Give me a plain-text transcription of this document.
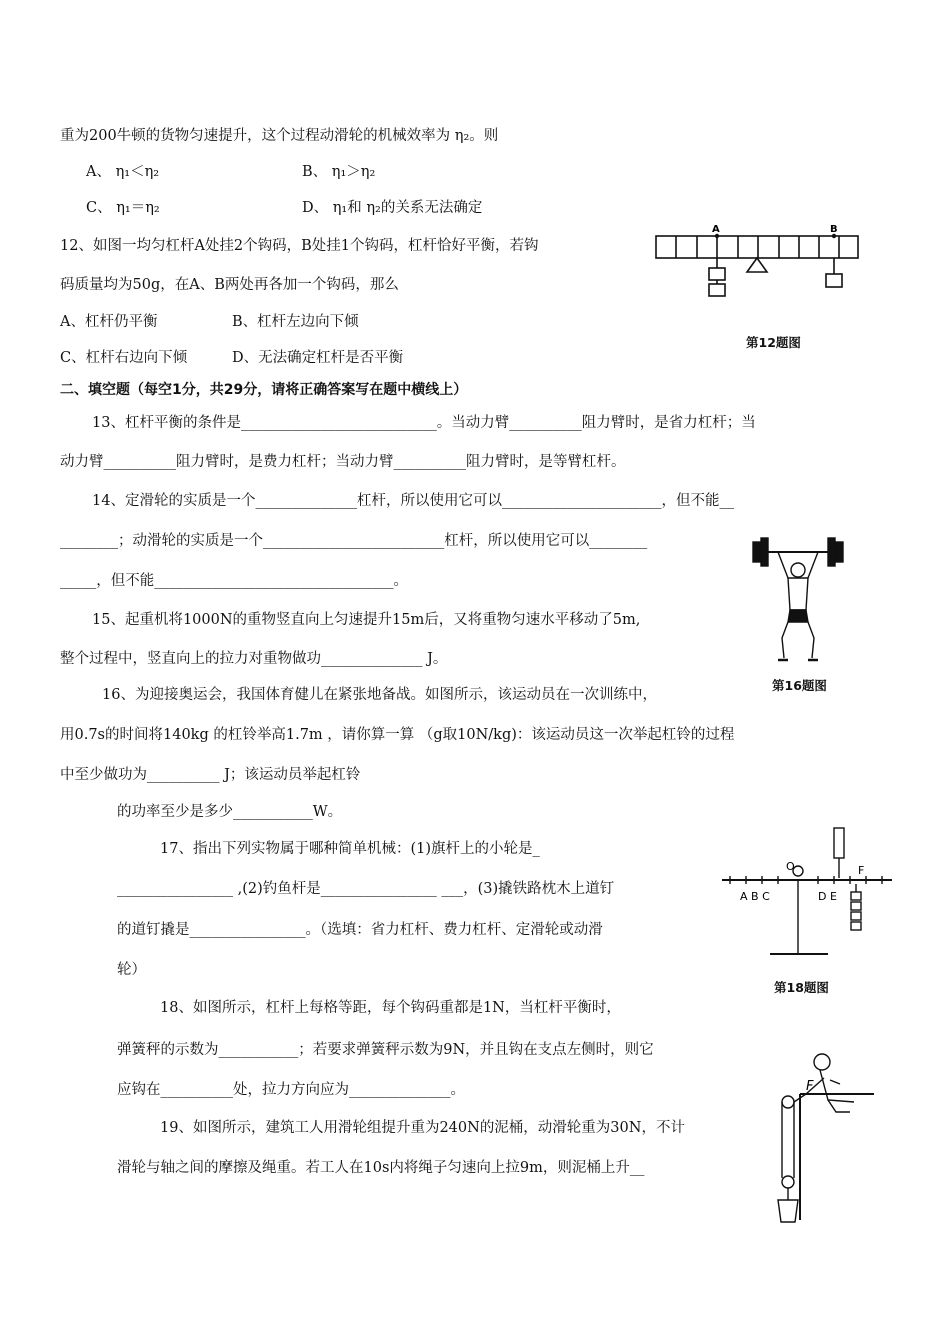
重为200牛顿的货物匀速提升，这个过程动滑轮的机械效率为 η₂。则
A、 η₁＜η₂	B、 η₁＞η₂
C、 η₁＝η₂	D、 η₁和 η₂的关系无法确定
12、如图一均匀杠杆A处挂2个钩码，B处挂1个钩码，杠杆恰好平衡，若钩
码质量均为50g，在A、B两处再各加一个钩码，那么
A、杠杆仍平衡	B、杠杆左边向下倾
C、杠杆右边向下倾	D、无法确定杠杆是否平衡
二、填空题（每空1分，共29分，请将正确答案写在题中横线上）
13、杠杆平衡的条件是___________________________。当动力臂__________阻力臂时，是省力杠杆；当
动力臂__________阻力臂时，是费力杠杆；当动力臂__________阻力臂时，是等臂杠杆。
14、定滑轮的实质是一个______________杠杆，所以使用它可以______________________，但不能__
________；动滑轮的实质是一个_________________________杠杆，所以使用它可以________
_____，但不能_________________________________。
15、起重机将1000N的重物竖直向上匀速提升15m后，又将重物匀速水平移动了5m,
整个过程中，竖直向上的拉力对重物做功______________ J。
16、为迎接奥运会，我国体育健儿在紧张地备战。如图所示，该运动员在一次训练中，
用0.7s的时间将140kg 的杠铃举高1.7m ，请你算一算 （g取10N/kg)：该运动员这一次举起杠铃的过程
中至少做功为__________ J；该运动员举起杠铃
的功率至少是多少___________W。
17、指出下列实物属于哪种简单机械：(1)旗杆上的小轮是_
________________ ,(2)钓鱼杆是________________ ___，(3)撬铁路枕木上道钉
的道钉撬是________________。（选填：省力杠杆、费力杠杆、定滑轮或动滑
轮）
18、如图所示，杠杆上每格等距，每个钩码重都是1N，当杠杆平衡时，
弹簧秤的示数为___________；若要求弹簧秤示数为9N，并且钩在支点左侧时，则它
应钩在__________处，拉力方向应为______________。
19、如图所示，建筑工人用滑轮组提升重为240N的泥桶，动滑轮重为30N，不计
滑轮与轴之间的摩擦及绳重。若工人在10s内将绳子匀速向上拉9m，则泥桶上升__
A	B
第12题图
第16题图
A B C
O
D E
F
第18题图
F
